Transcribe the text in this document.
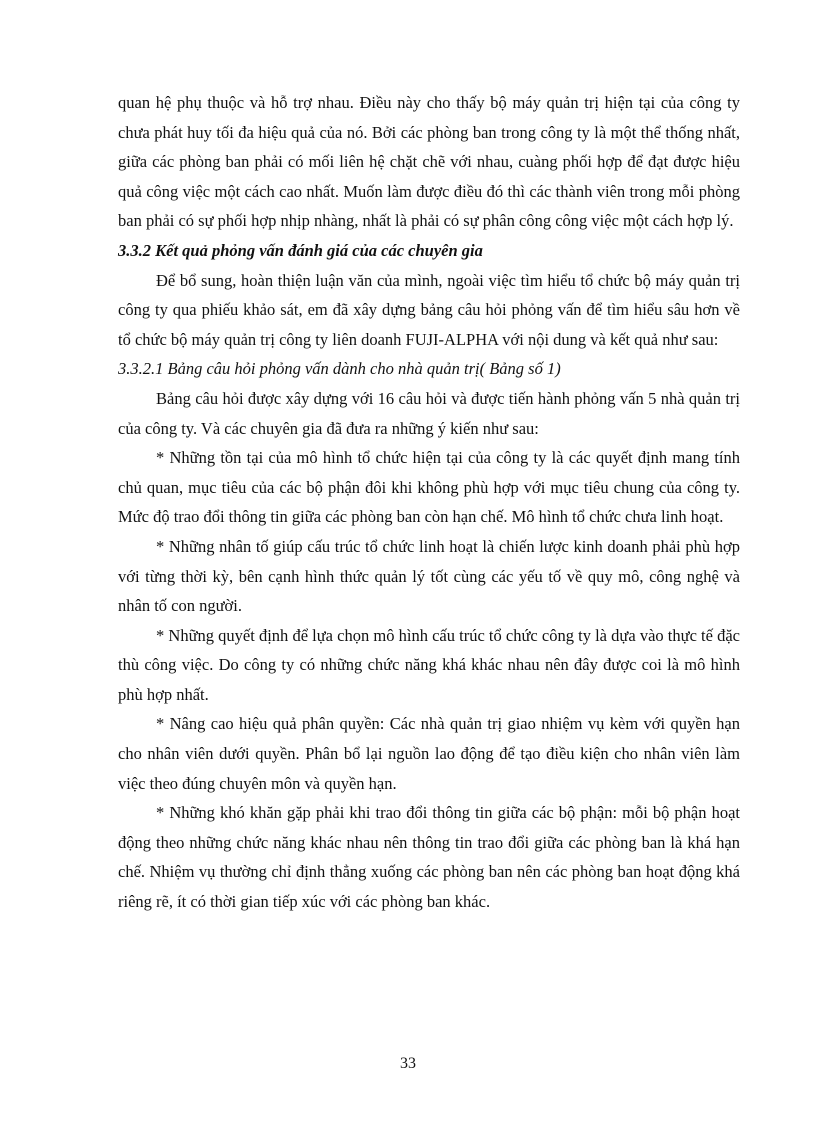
quan hệ phụ thuộc và hỗ trợ nhau. Điều này cho thấy bộ máy quản trị hiện tại của công ty chưa phát huy tối đa hiệu quả của nó. Bởi các phòng ban trong công ty là một thể thống nhất, giữa các phòng ban phải có mối liên hệ chặt chẽ với nhau, cuàng phối hợp để đạt được hiệu quả công việc một cách cao nhất. Muốn làm được điều đó thì các thành viên trong mỗi phòng ban phải có sự phối hợp nhịp nhàng, nhất là phải có sự phân công công việc một cách hợp lý.

3.3.2 Kết quả phỏng vấn đánh giá của các chuyên gia

Để bổ sung, hoàn thiện luận văn của mình, ngoài việc tìm hiểu tổ chức bộ máy quản trị công ty qua phiếu khảo sát, em đã xây dựng bảng câu hỏi phỏng vấn để tìm hiểu sâu hơn về tổ chức bộ máy quản trị công ty liên doanh FUJI-ALPHA với nội dung và kết quả như sau:

3.3.2.1 Bảng câu hỏi phỏng vấn dành cho nhà quản trị( Bảng số 1)

Bảng câu hỏi được xây dựng với 16 câu hỏi và được tiến hành phỏng vấn 5 nhà quản trị của công ty. Và các chuyên gia đã đưa ra những ý kiến như sau:

* Những tồn tại của mô hình tổ chức hiện tại của công ty là các quyết định mang tính chủ quan, mục tiêu của các bộ phận đôi khi không phù hợp với mục tiêu chung của công ty. Mức độ trao đổi thông tin giữa các phòng ban còn hạn chế. Mô hình tổ chức chưa linh hoạt.

* Những nhân tố giúp cấu trúc tổ chức linh hoạt là chiến lược kinh doanh phải phù hợp với từng thời kỳ, bên cạnh hình thức quản lý tốt cùng các yếu tố về quy mô, công nghệ và nhân tố con người.

* Những quyết định để lựa chọn mô hình cấu trúc tổ chức công ty là dựa vào thực tế đặc thù công việc. Do công ty có những chức năng khá khác nhau nên đây được coi là mô hình phù hợp nhất.

* Nâng cao hiệu quả phân quyền: Các nhà quản trị giao nhiệm vụ kèm với quyền hạn cho nhân viên dưới quyền. Phân bổ lại nguồn lao động để tạo điều kiện cho nhân viên làm việc theo đúng chuyên môn và quyền hạn.

* Những khó khăn gặp phải khi trao đổi thông tin giữa các bộ phận: mỗi bộ phận hoạt động theo những chức năng khác nhau nên thông tin trao đổi giữa các phòng ban là khá hạn chế. Nhiệm vụ thường chỉ định thẳng xuống các phòng ban nên các phòng ban hoạt động khá riêng rẽ, ít có thời gian tiếp xúc với các phòng ban khác.

33
